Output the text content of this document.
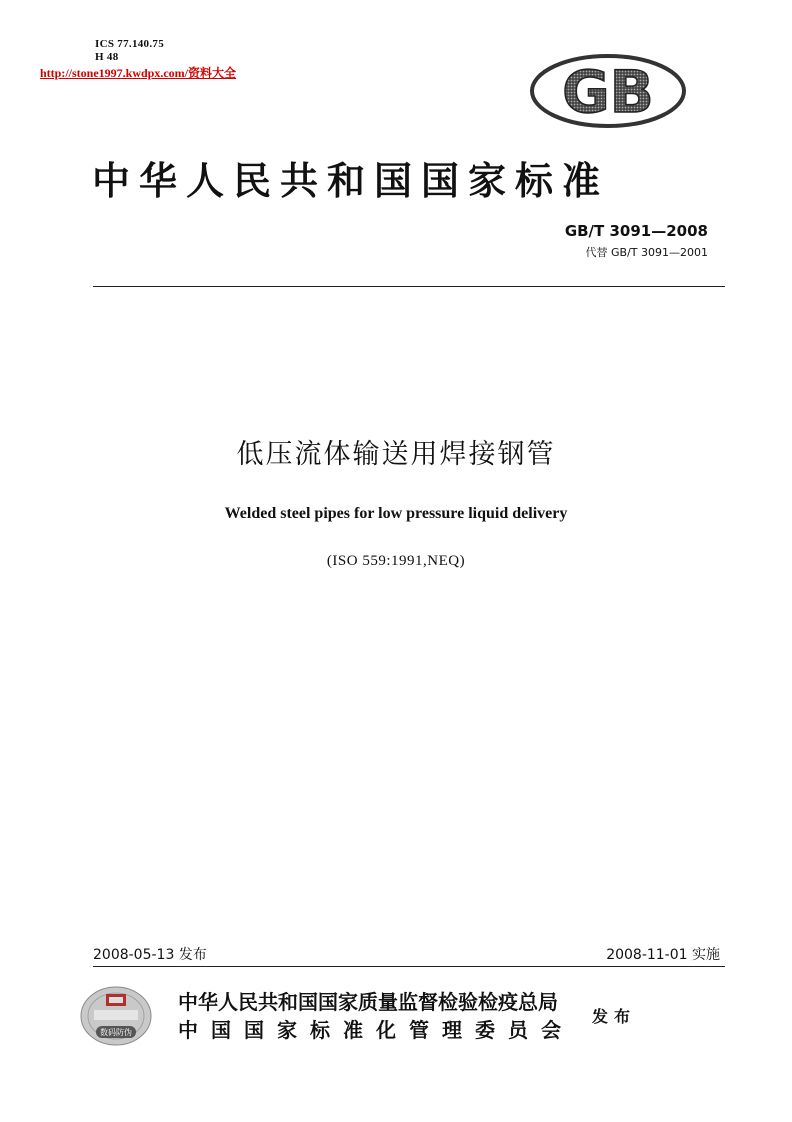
ICS 77.140.75
H 48
http://stone1997.kwdpx.com/资料大全	GB
中华人民共和国国家标准
GB/T 3091—2008
代替 GB/T 3091—2001
低压流体输送用焊接钢管
Welded steel pipes for low pressure liquid delivery
(ISO 559:1991,NEQ)
2008-05-13 发布	2008-11-01 实施
数码防伪
中华人民共和国国家质量监督检验检疫总局
中国国家标准化管理委员会
发布
